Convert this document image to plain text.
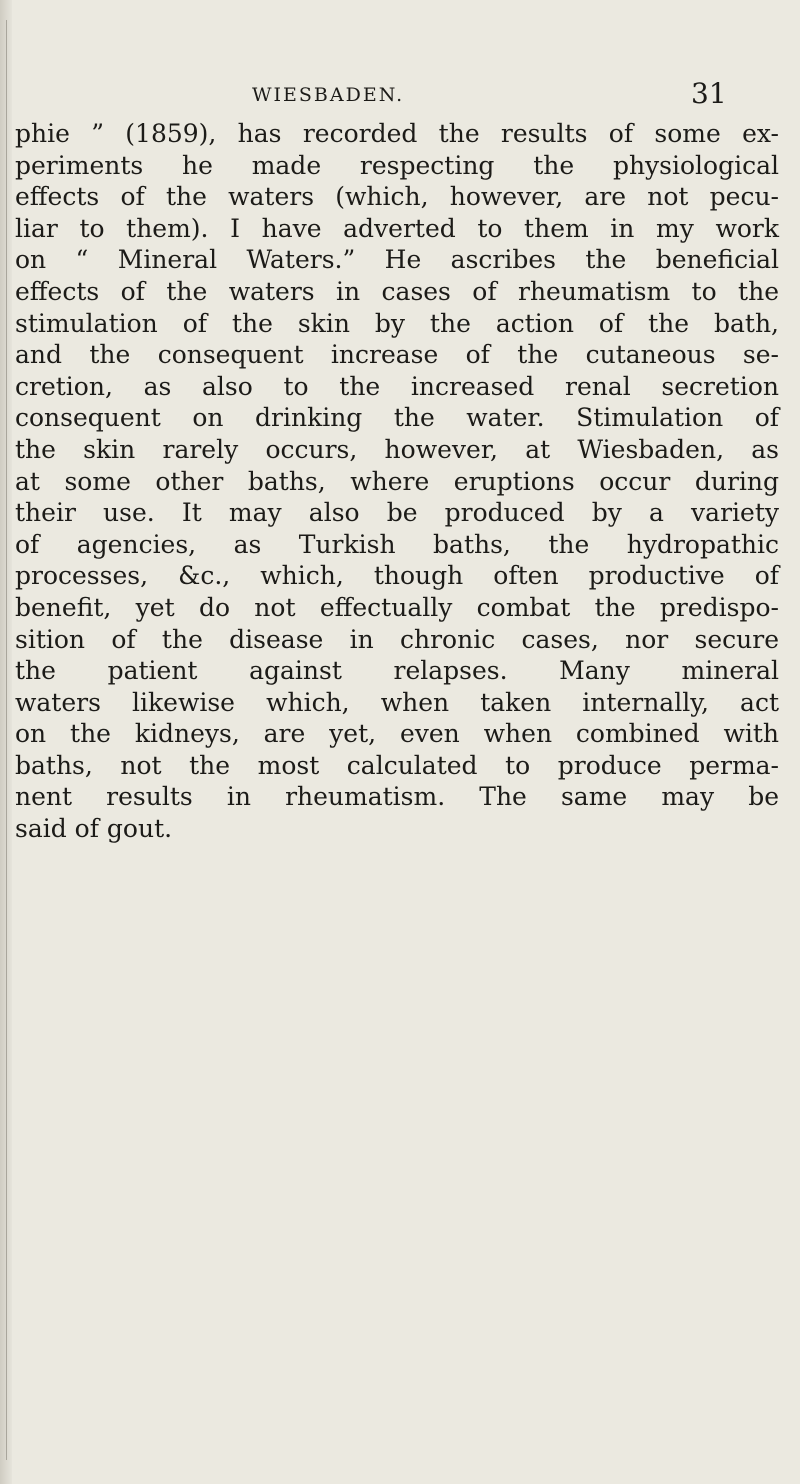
WIESBADEN.	31
phie ” (1859), has recorded the results of some ex-
periments he made respecting the physiological
effects of the waters (which, however, are not pecu-
liar to them). I have adverted to them in my work
on “ Mineral Waters.” He ascribes the beneficial
effects of the waters in cases of rheumatism to the
stimulation of the skin by the action of the bath,
and the consequent increase of the cutaneous se-
cretion, as also to the increased renal secretion
consequent on drinking the water. Stimulation of
the skin rarely occurs, however, at Wiesbaden, as
at some other baths, where eruptions occur during
their use. It may also be produced by a variety
of agencies, as Turkish baths, the hydropathic
processes, &c., which, though often productive of
benefit, yet do not effectually combat the predispo-
sition of the disease in chronic cases, nor secure
the patient against relapses. Many mineral
waters likewise which, when taken internally, act
on the kidneys, are yet, even when combined with
baths, not the most calculated to produce perma-
nent results in rheumatism. The same may be
said of gout.
